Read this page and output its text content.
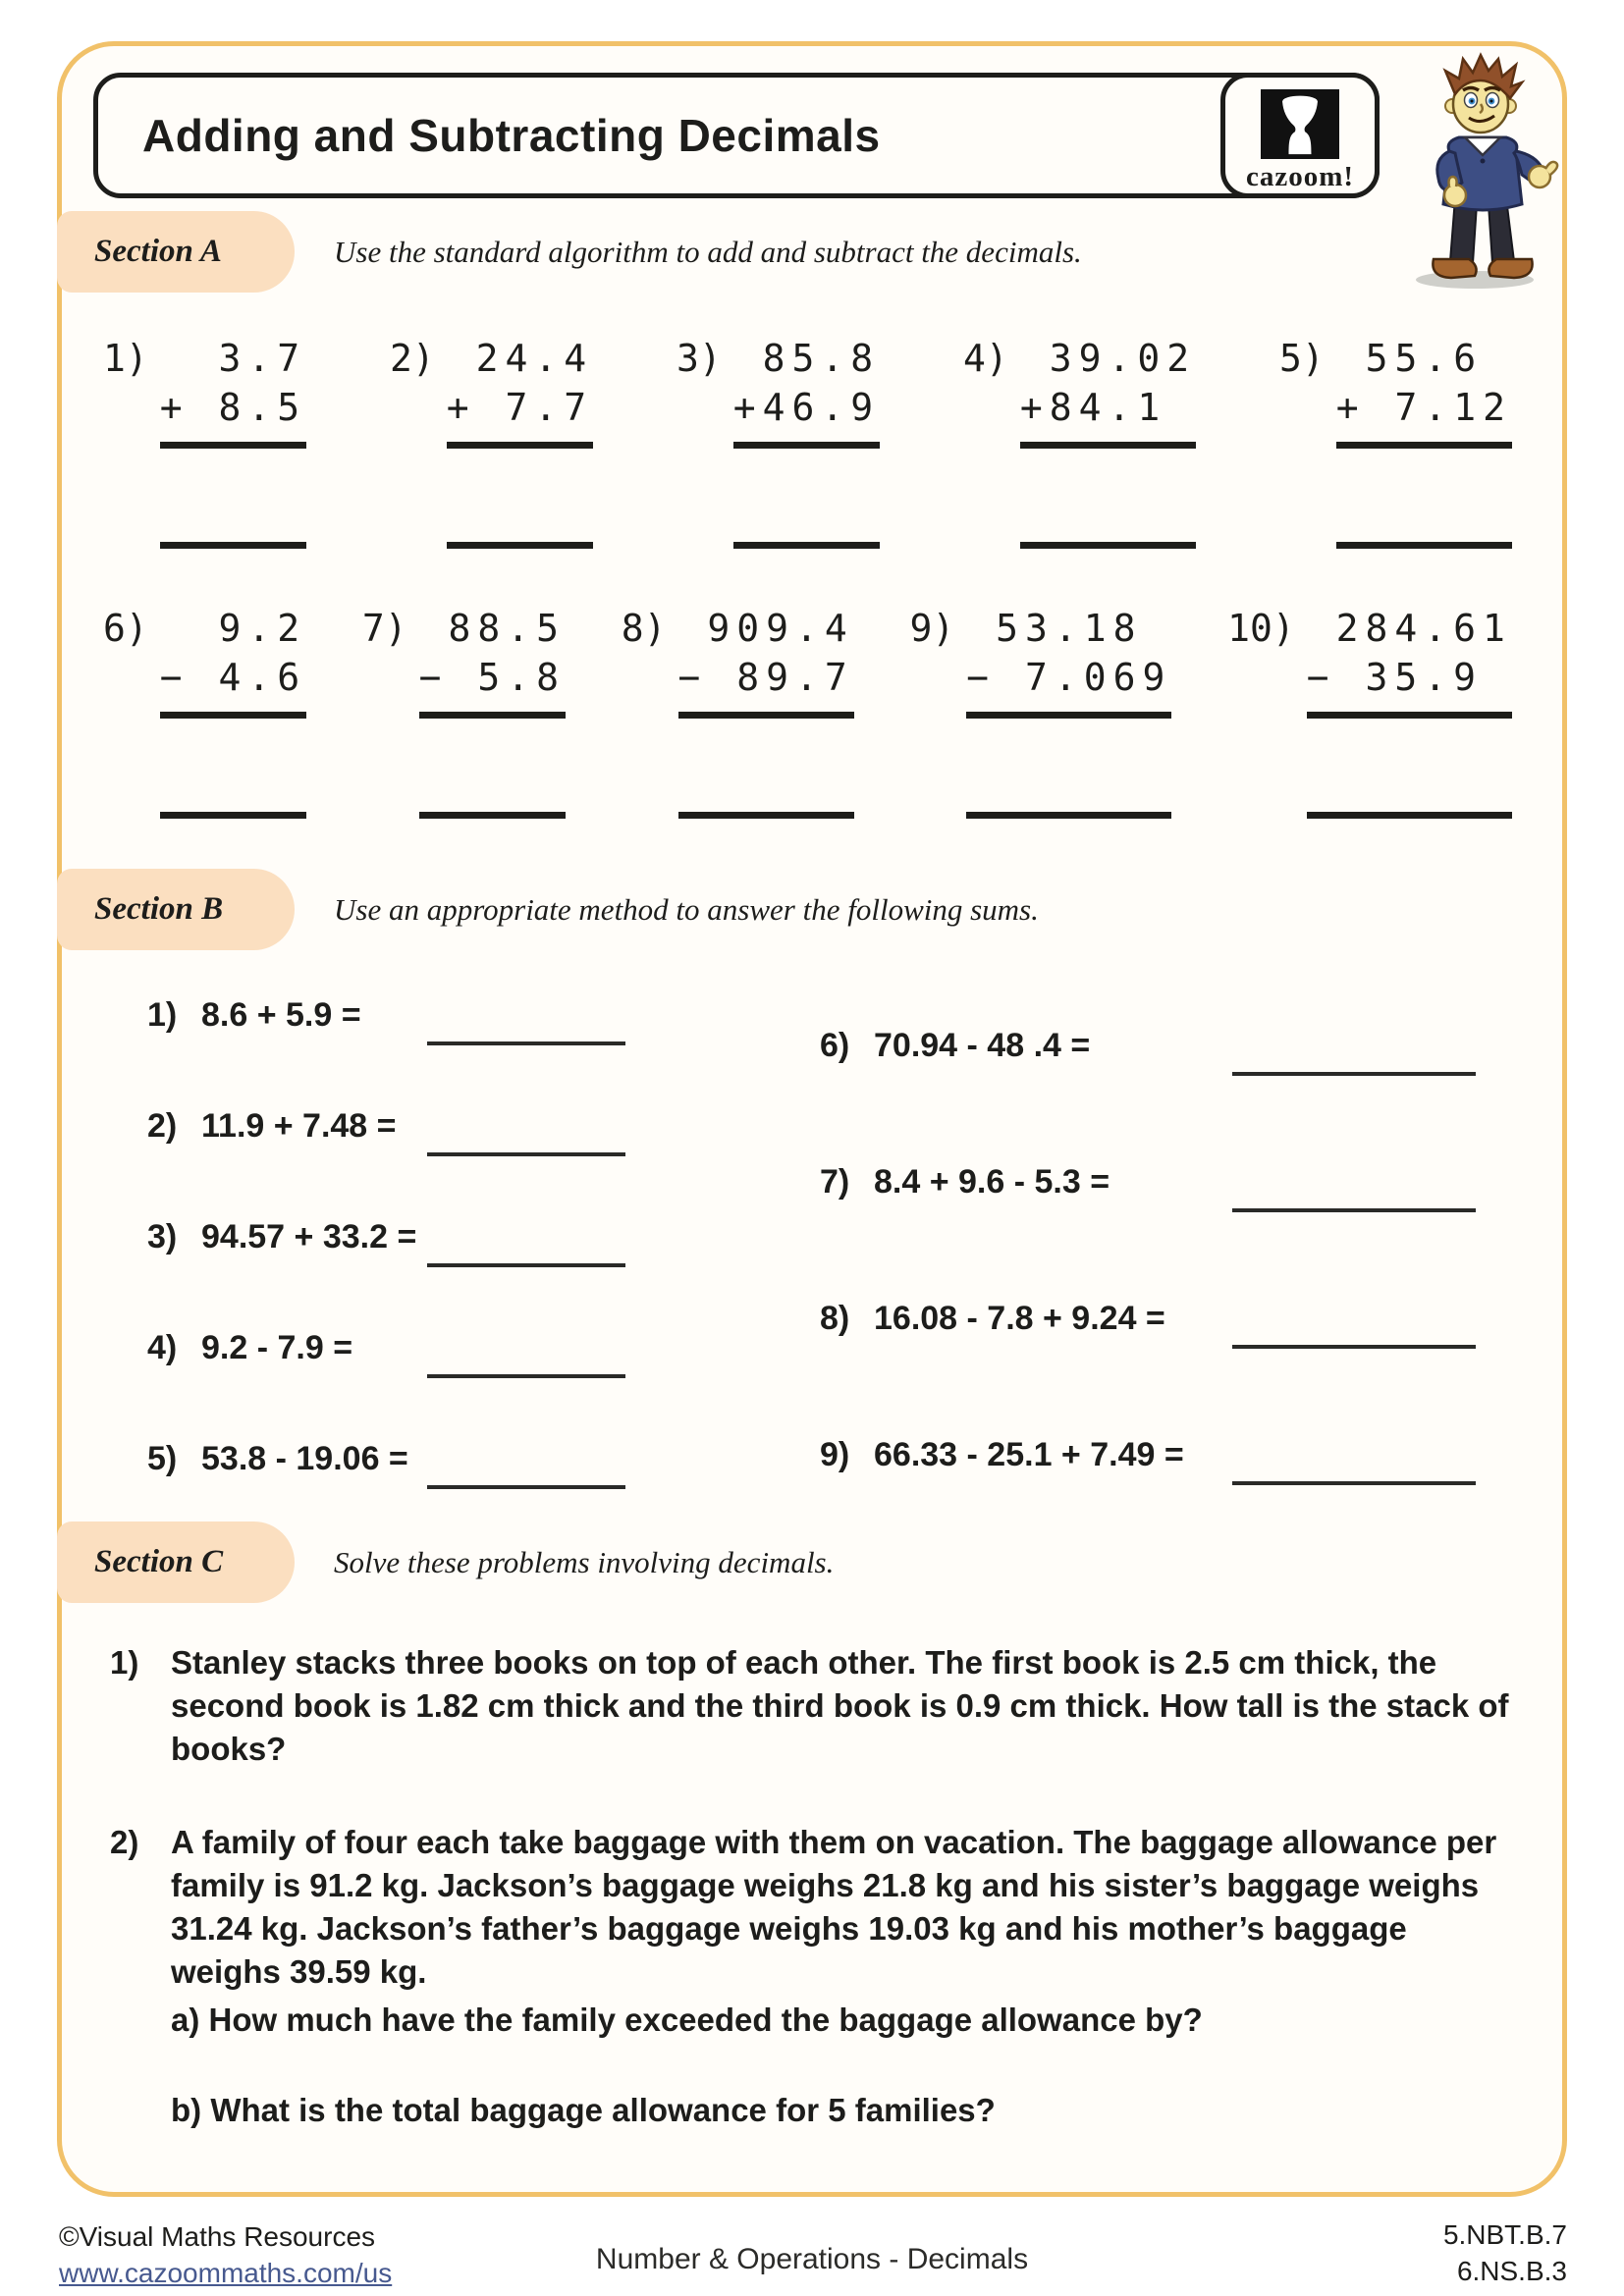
Adding and Subtracting Decimals
cazoom!
Section A	Use the standard algorithm to add and subtract the decimals.
1)	3.7
+ 8.5
2)	24.4
+ 7.7
3)	85.8
+46.9
4)	39.02
+84.1
5)	55.6
+ 7.12
6)	9.2
− 4.6
7)	88.5
− 5.8
8)	909.4
− 89.7
9)	53.18
− 7.069
10)	284.61
− 35.9
Section B	Use an appropriate method to answer the following sums.
1) 8.6 + 5.9 =
2) 11.9 + 7.48 =
3) 94.57 + 33.2 =
4) 9.2 - 7.9 =
5) 53.8 - 19.06 =
6) 70.94 - 48 .4 =
7) 8.4 + 9.6 - 5.3 =
8) 16.08 - 7.8 + 9.24 =
9) 66.33 - 25.1 + 7.49 =
Section C	Solve these problems involving decimals.
1) Stanley stacks three books on top of each other. The first book is 2.5 cm thick, the second book is 1.82 cm thick and the third book is 0.9 cm thick. How tall is the stack of books?
2) A family of four each take baggage with them on vacation. The baggage allowance per family is 91.2 kg. Jackson’s baggage weighs 21.8 kg and his sister’s baggage weighs 31.24 kg. Jackson’s father’s baggage weighs 19.03 kg and his mother’s baggage weighs 39.59 kg.
a) How much have the family exceeded the baggage allowance by?
b) What is the total baggage allowance for 5 families?
©Visual Maths Resources
www.cazoommaths.com/us	Number & Operations - Decimals
5.NBT.B.7
6.NS.B.3
